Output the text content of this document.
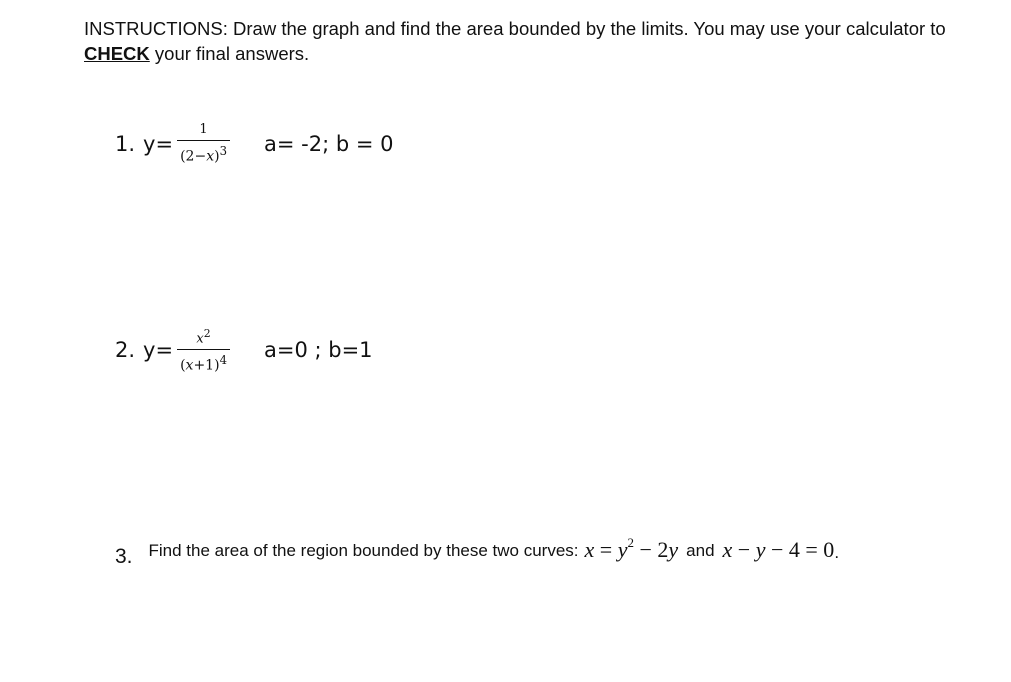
INSTRUCTIONS: Draw the graph and find the area bounded by the limits. You may use your calculator to CHECK your final answers.
1. $y= \frac{1}{(2-x)^3} a= -2$; b = 0
2. $y= \frac{x^2}{(x+1)^4} a=0$ ; b=1
3. Find the area of the region bounded by these two curves: $x = y^2 - 2y$ and x − y − 4 = 0 .
